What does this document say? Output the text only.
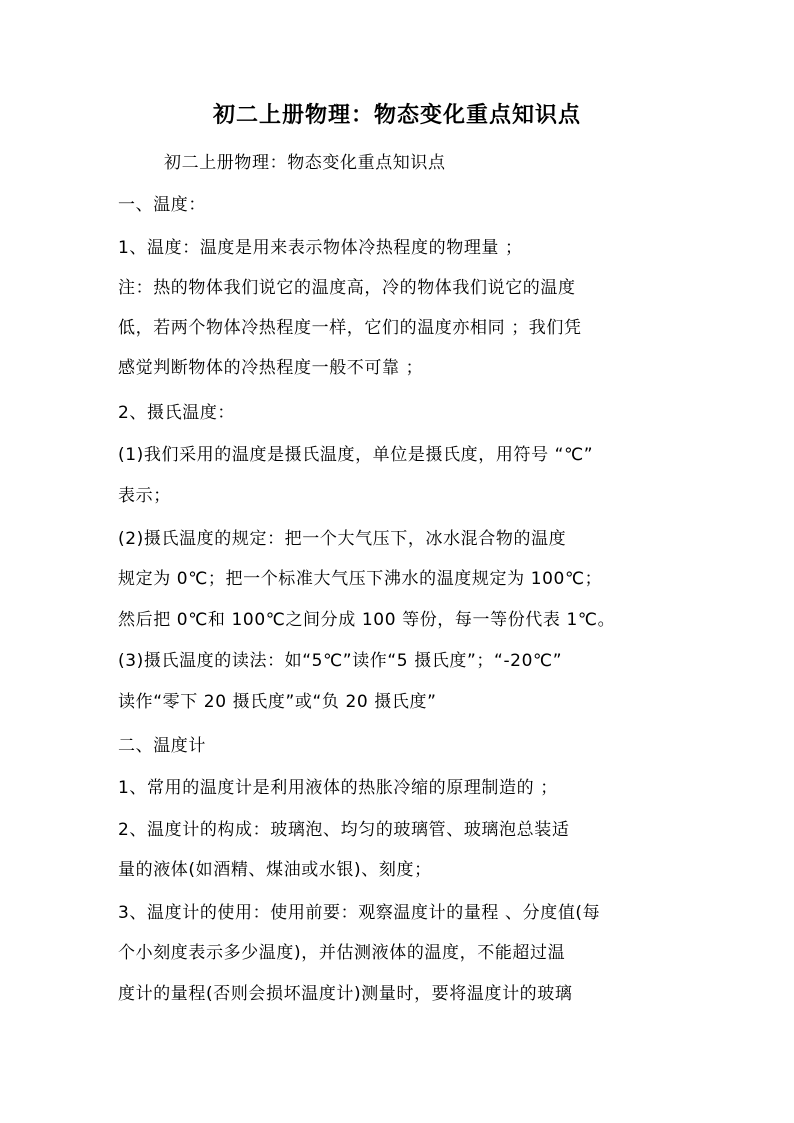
初二上册物理：物态变化重点知识点
初二上册物理：物态变化重点知识点
一、温度：
1、温度：温度是用来表示物体冷热程度的物理量 ；
注：热的物体我们说它的温度高，冷的物体我们说它的温度
低，若两个物体冷热程度一样，它们的温度亦相同 ；我们凭
感觉判断物体的冷热程度一般不可靠 ；
2、摄氏温度：
(1)我们采用的温度是摄氏温度，单位是摄氏度，用符号 “℃”
表示；
(2)摄氏温度的规定：把一个大气压下，冰水混合物的温度
规定为 0℃；把一个标准大气压下沸水的温度规定为 100℃；
然后把 0℃和 100℃之间分成 100 等份，每一等份代表 1℃。
(3)摄氏温度的读法：如“5℃”读作“5 摄氏度”；“-20℃”
读作“零下 20 摄氏度”或“负 20 摄氏度”
二、温度计
1、常用的温度计是利用液体的热胀冷缩的原理制造的 ；
2、温度计的构成：玻璃泡、均匀的玻璃管、玻璃泡总装适
量的液体(如酒精、煤油或水银)、刻度；
3、温度计的使用：使用前要：观察温度计的量程 、分度值(每
个小刻度表示多少温度)，并估测液体的温度，不能超过温
度计的量程(否则会损坏温度计)测量时，要将温度计的玻璃
